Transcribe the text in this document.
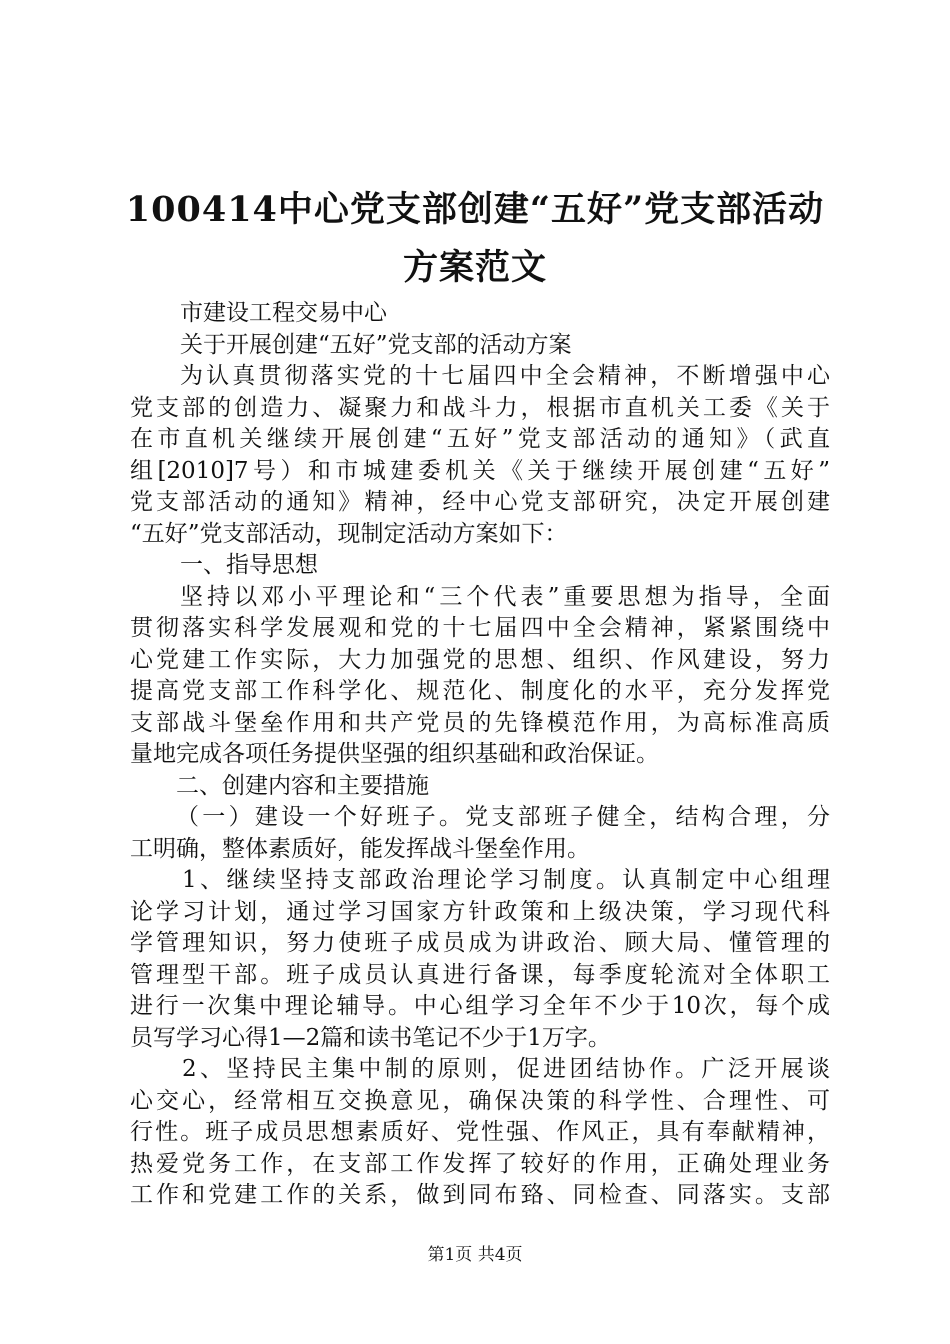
100414中心党支部创建“五好”党支部活动
方案范文
市建设工程交易中心
关于开展创建“五好”党支部的活动方案
为认真贯彻落实党的十七届四中全会精神，不断增强中心
党支部的创造力、凝聚力和战斗力，根据市直机关工委《关于
在市直机关继续开展创建“五好”党支部活动的通知》（武直
组[2010]7号）和市城建委机关《关于继续开展创建“五好”
党支部活动的通知》精神，经中心党支部研究，决定开展创建
“五好”党支部活动，现制定活动方案如下：
一、指导思想
坚持以邓小平理论和“三个代表”重要思想为指导，全面
贯彻落实科学发展观和党的十七届四中全会精神，紧紧围绕中
心党建工作实际，大力加强党的思想、组织、作风建设，努力
提高党支部工作科学化、规范化、制度化的水平，充分发挥党
支部战斗堡垒作用和共产党员的先锋模范作用，为高标准高质
量地完成各项任务提供坚强的组织基础和政治保证。
二、创建内容和主要措施
（一）建设一个好班子。党支部班子健全，结构合理，分
工明确，整体素质好，能发挥战斗堡垒作用。
1、继续坚持支部政治理论学习制度。认真制定中心组理
论学习计划，通过学习国家方针政策和上级决策，学习现代科
学管理知识，努力使班子成员成为讲政治、顾大局、懂管理的
管理型干部。班子成员认真进行备课，每季度轮流对全体职工
进行一次集中理论辅导。中心组学习全年不少于10次，每个成
员写学习心得1—2篇和读书笔记不少于1万字。
2、坚持民主集中制的原则，促进团结协作。广泛开展谈
心交心，经常相互交换意见，确保决策的科学性、合理性、可
行性。班子成员思想素质好、党性强、作风正，具有奉献精神，
热爱党务工作，在支部工作发挥了较好的作用，正确处理业务
工作和党建工作的关系，做到同布臵、同检查、同落实。支部
第1页 共4页
